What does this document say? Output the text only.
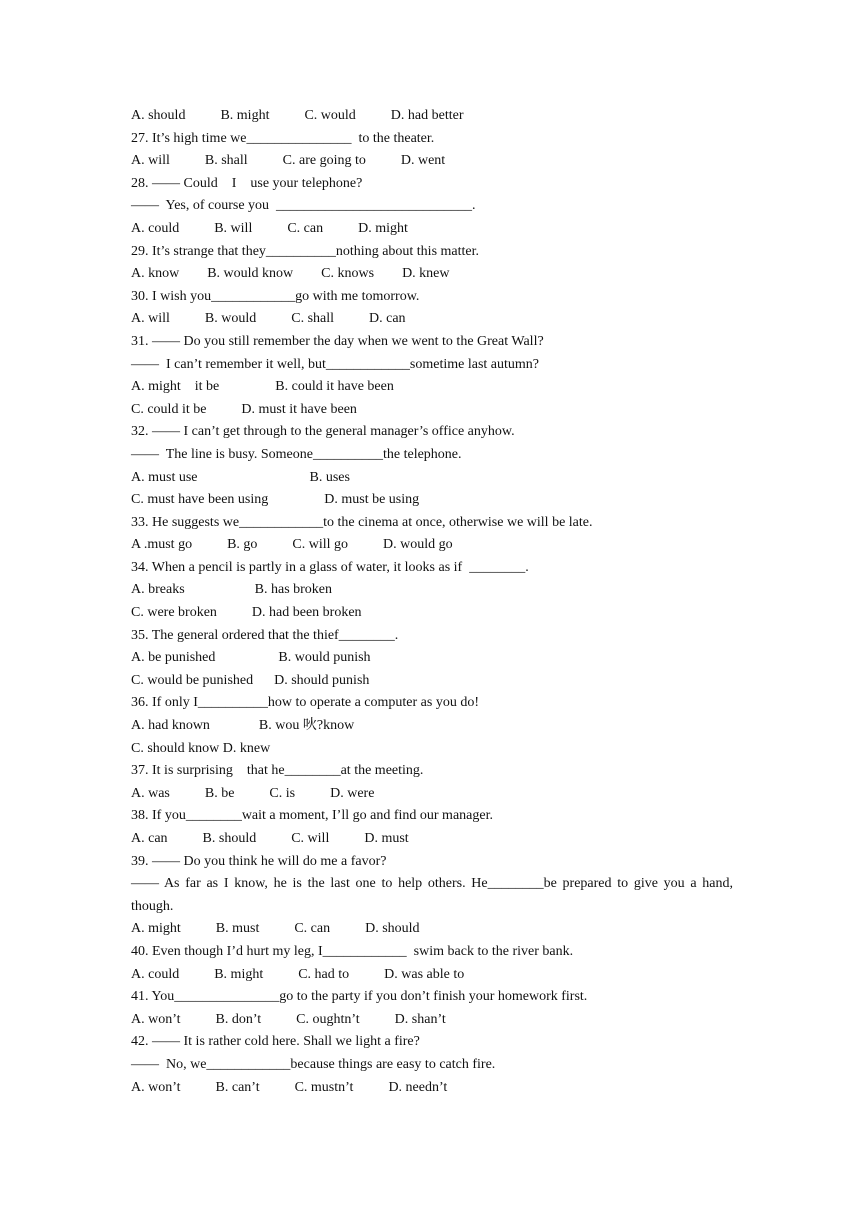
A. should          B. might          C. would          D. had better
27. It’s high time we_______________  to the theater.
A. will          B. shall          C. are going to          D. went
28. —— Could    I    use your telephone?
——  Yes, of course you  ____________________________.
A. could          B. will          C. can          D. might
29. It’s strange that they__________nothing about this matter.
A. know        B. would know        C. knows        D. knew
30. I wish you____________go with me tomorrow.
A. will          B. would          C. shall          D. can
31. —— Do you still remember the day when we went to the Great Wall?
——  I can’t remember it well, but____________sometime last autumn?
A. might    it be                B. could it have been
C. could it be          D. must it have been
32. —— I can’t get through to the general manager’s office anyhow.
——  The line is busy. Someone__________the telephone.
A. must use                                B. uses
C. must have been using                D. must be using
33. He suggests we____________to the cinema at once, otherwise we will be late.
A .must go          B. go          C. will go          D. would go
34. When a pencil is partly in a glass of water, it looks as if  ________.
A. breaks                    B. has broken
C. were broken          D. had been broken
35. The general ordered that the thief________.
A. be punished                  B. would punish
C. would be punished      D. should punish
36. If only I__________how to operate a computer as you do!
A. had known              B. wou 吙?know
C. should know D. knew
37. It is surprising    that he________at the meeting.
A. was          B. be          C. is          D. were
38. If you________wait a moment, I’ll go and find our manager.
A. can          B. should          C. will          D. must
39. —— Do you think he will do me a favor?
—— As far as I know, he is the last one to help others. He________be prepared to give you a hand, though.
A. might          B. must          C. can          D. should
40. Even though I’d hurt my leg, I____________  swim back to the river bank.
A. could          B. might          C. had to          D. was able to
41. You_______________go to the party if you don’t finish your homework first.
A. won’t          B. don’t          C. oughtn’t          D. shan’t
42. —— It is rather cold here. Shall we light a fire?
——  No, we____________because things are easy to catch fire.
A. won’t          B. can’t          C. mustn’t          D. needn’t
